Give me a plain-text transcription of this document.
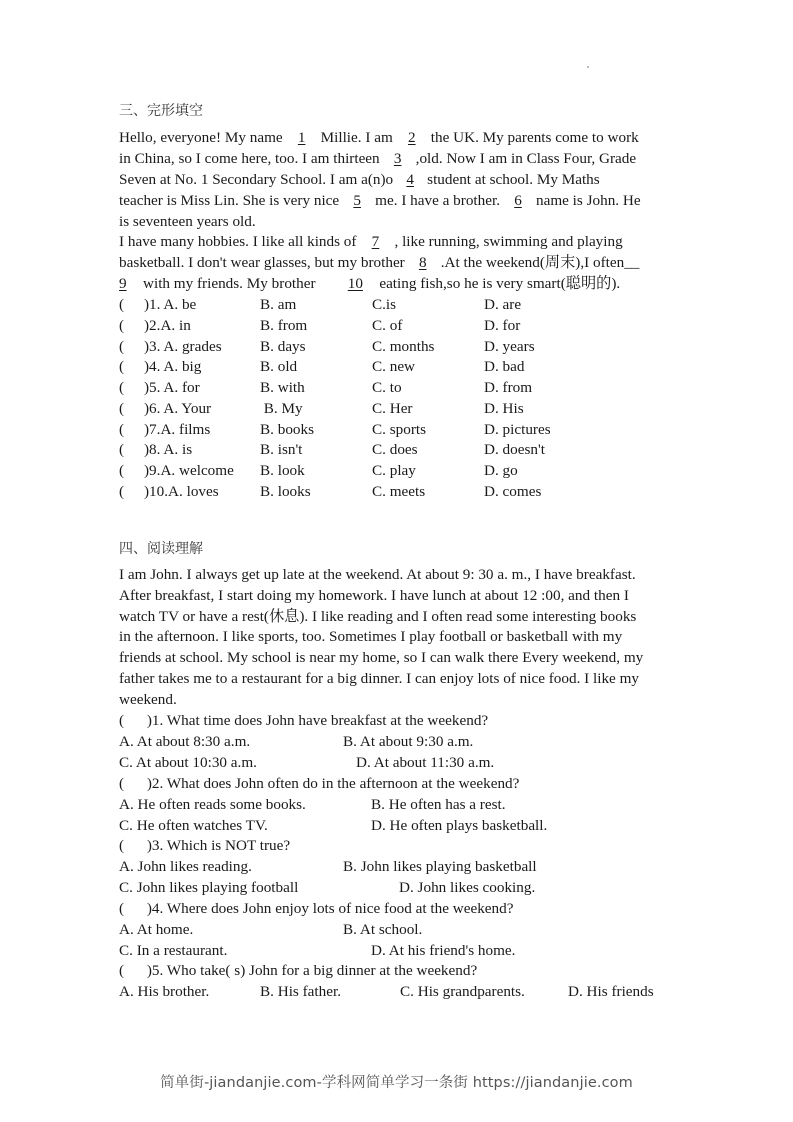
三、完形填空
Hello, everyone! My name 1 Millie. I am 2 the UK. My parents come to work
in China, so I come here, too. I am thirteen 3 ,old. Now I am in Class Four, Grade
Seven at No. 1 Secondary School. I am a(n)o 4 student at school. My Maths
teacher is Miss Lin. She is very nice 5 me. I have a brother. 6 name is John. He
is seventeen years old.
I have many hobbies. I like all kinds of 7 , like running, swimming and playing
basketball. I don't wear glasses, but my brother 8 .At the weekend(周末),I often__
9 with my friends. My brother 10 eating fish,so he is very smart(聪明的).
( )1. A. be	B. am	C.is	D. are
( )2.A. in	B. from	C. of	D. for
( )3. A. grades	B. days	C. months	D. years
( )4. A. big	B. old	C. new	D. bad
( )5. A. for	B. with	C. to	D. from
( )6. A. Your	B. My	C. Her	D. His
( )7.A. films	B. books	C. sports	D. pictures
( )8. A. is	B. isn't	C. does	D. doesn't
( )9.A. welcome B. look	C. play	D. go
( )10.A. loves	B. looks	C. meets	D. comes
四、阅读理解
I am John. I always get up late at the weekend. At about 9: 30 a. m., I have breakfast.
After breakfast, I start doing my homework. I have lunch at about 12 :00, and then I
watch TV or have a rest(休息). I like reading and I often read some interesting books
in the afternoon. I like sports, too. Sometimes I play football or basketball with my
friends at school. My school is near my home, so I can walk there Every weekend, my
father takes me to a restaurant for a big dinner. I can enjoy lots of nice food. I like my
weekend.
(      )1. What time does John have breakfast at the weekend?
A. At about 8:30 a.m.	B. At about 9:30 a.m.
C. At about 10:30 a.m.	D. At about 11:30 a.m.
(      )2. What does John often do in the afternoon at the weekend?
A. He often reads some books.	B. He often has a rest.
C. He often watches TV.	D. He often plays basketball.
(      )3. Which is NOT true?
A. John likes reading.	B. John likes playing basketball
C. John likes playing football	D. John likes cooking.
(      )4. Where does John enjoy lots of nice food at the weekend?
A. At home.	B. At school.
C. In a restaurant.	D. At his friend's home.
(      )5. Who take( s) John for a big dinner at the weekend?
A. His brother.	B. His father.	C. His grandparents.	D. His friends
简单街-jiandanjie.com-学科网简单学习一条街 https://jiandanjie.com
